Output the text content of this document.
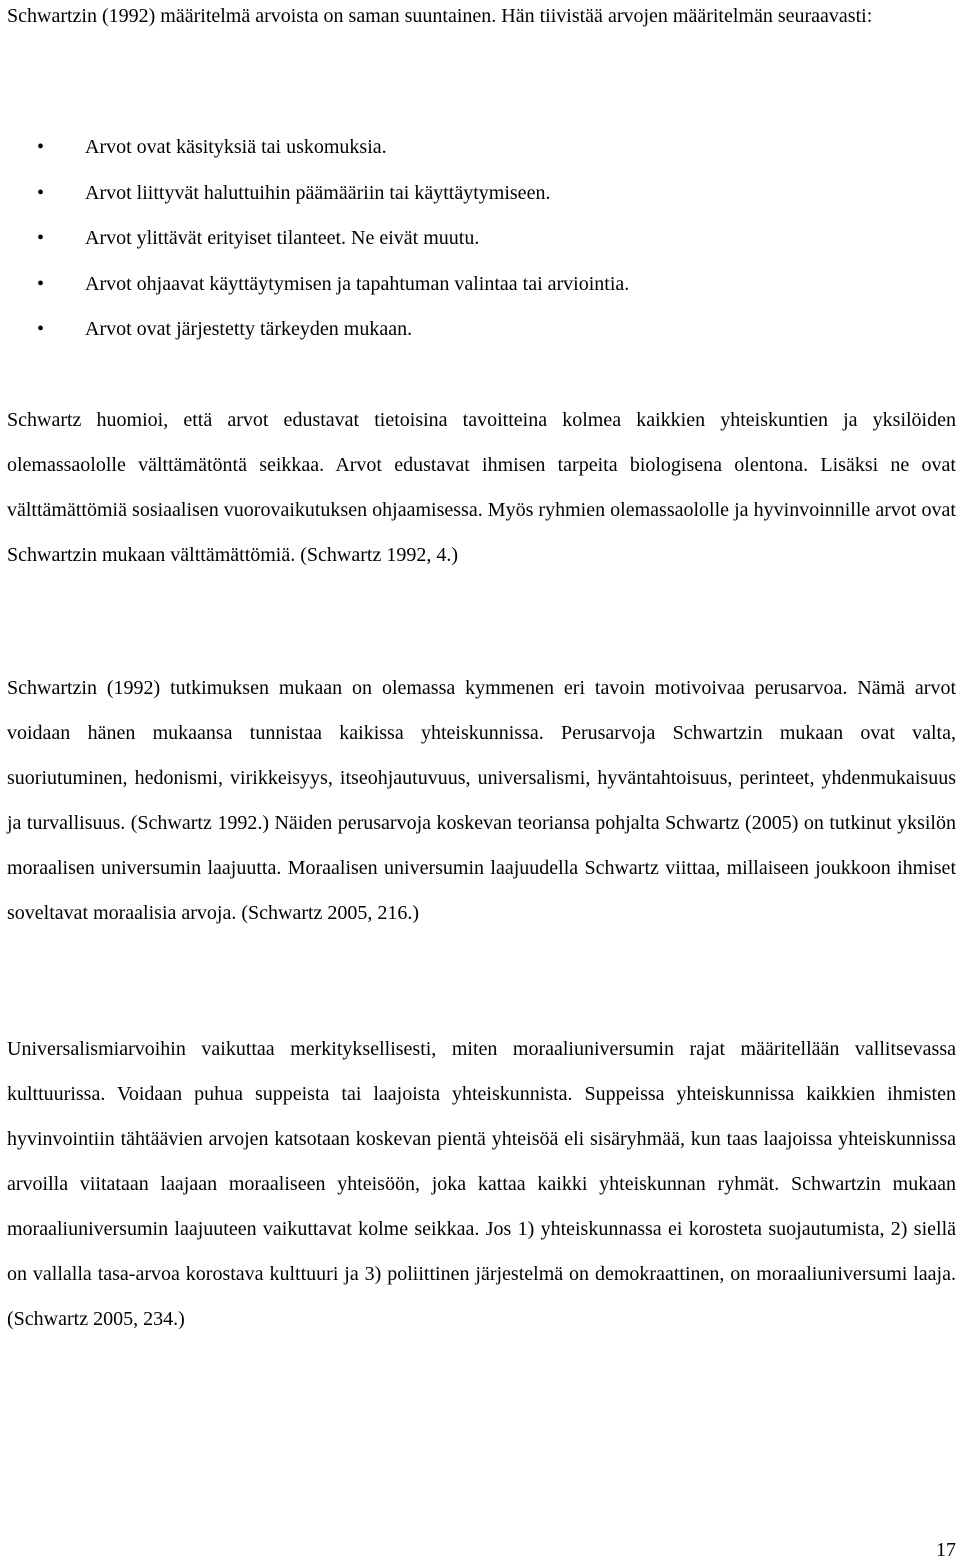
Schwartzin (1992) määritelmä arvoista on saman suuntainen. Hän tiivistää arvojen määritelmän seuraavasti:

• Arvot ovat käsityksiä tai uskomuksia.
• Arvot liittyvät haluttuihin päämääriin tai käyttäytymiseen.
• Arvot ylittävät erityiset tilanteet. Ne eivät muutu.
• Arvot ohjaavat käyttäytymisen ja tapahtuman valintaa tai arviointia.
• Arvot ovat järjestetty tärkeyden mukaan.

Schwartz huomioi, että arvot edustavat tietoisina tavoitteina kolmea kaikkien yhteiskuntien ja yksilöiden olemassaololle välttämätöntä seikkaa. Arvot edustavat ihmisen tarpeita biologisena olentona. Lisäksi ne ovat välttämättömiä sosiaalisen vuorovaikutuksen ohjaamisessa. Myös ryhmien olemassaololle ja hyvinvoinnille arvot ovat Schwartzin mukaan välttämättömiä. (Schwartz 1992, 4.)

Schwartzin (1992) tutkimuksen mukaan on olemassa kymmenen eri tavoin motivoivaa perusarvoa. Nämä arvot voidaan hänen mukaansa tunnistaa kaikissa yhteiskunnissa. Perusarvoja Schwartzin mukaan ovat valta, suoriutuminen, hedonismi, virikkeisyys, itseohjautuvuus, universalismi, hyväntahtoisuus, perinteet, yhdenmukaisuus ja turvallisuus. (Schwartz 1992.) Näiden perusarvoja koskevan teoriansa pohjalta Schwartz (2005) on tutkinut yksilön moraalisen universumin laajuutta. Moraalisen universumin laajuudella Schwartz viittaa, millaiseen joukkoon ihmiset soveltavat moraalisia arvoja. (Schwartz 2005, 216.)

Universalismiarvoihin vaikuttaa merkityksellisesti, miten moraaliuniversumin rajat määritellään vallitsevassa kulttuurissa. Voidaan puhua suppeista tai laajoista yhteiskunnista. Suppeissa yhteiskunnissa kaikkien ihmisten hyvinvointiin tähtäävien arvojen katsotaan koskevan pientä yhteisöä eli sisäryhmää, kun taas laajoissa yhteiskunnissa arvoilla viitataan laajaan moraaliseen yhteisöön, joka kattaa kaikki yhteiskunnan ryhmät. Schwartzin mukaan moraaliuniversumin laajuuteen vaikuttavat kolme seikkaa. Jos 1) yhteiskunnassa ei korosteta suojautumista, 2) siellä on vallalla tasa-arvoa korostava kulttuuri ja 3) poliittinen järjestelmä on demokraattinen, on moraaliuniversumi laaja. (Schwartz 2005, 234.)

17
